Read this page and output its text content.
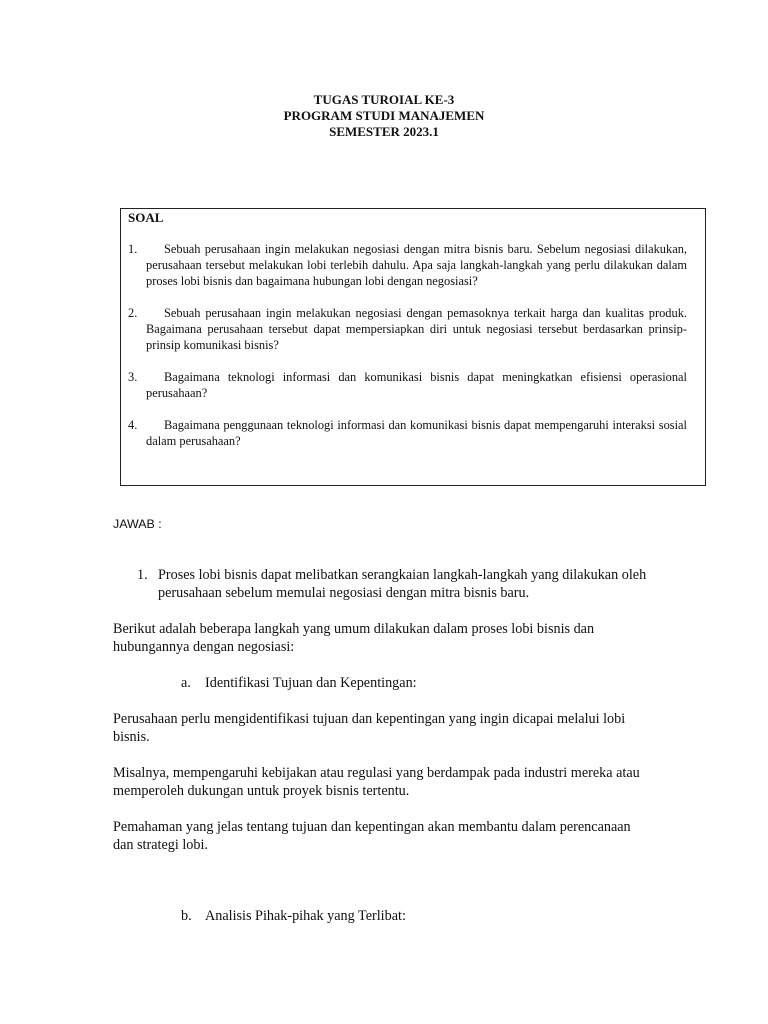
TUGAS TUROIAL KE-3
PROGRAM STUDI MANAJEMEN
SEMESTER 2023.1
SOAL
1.	Sebuah perusahaan ingin melakukan negosiasi dengan mitra bisnis baru. Sebelum negosiasi dilakukan, perusahaan tersebut melakukan lobi terlebih dahulu. Apa saja langkah-langkah yang perlu dilakukan dalam proses lobi bisnis dan bagaimana hubungan lobi dengan negosiasi?
2.	Sebuah perusahaan ingin melakukan negosiasi dengan pemasoknya terkait harga dan kualitas produk. Bagaimana perusahaan tersebut dapat mempersiapkan diri untuk negosiasi tersebut berdasarkan prinsip-prinsip komunikasi bisnis?
3.	Bagaimana teknologi informasi dan komunikasi bisnis dapat meningkatkan efisiensi operasional perusahaan?
4.	Bagaimana penggunaan teknologi informasi dan komunikasi bisnis dapat mempengaruhi interaksi sosial dalam perusahaan?
JAWAB :
1. Proses lobi bisnis dapat melibatkan serangkaian langkah-langkah yang dilakukan oleh perusahaan sebelum memulai negosiasi dengan mitra bisnis baru.
Berikut adalah beberapa langkah yang umum dilakukan dalam proses lobi bisnis dan hubungannya dengan negosiasi:
a. Identifikasi Tujuan dan Kepentingan:
Perusahaan perlu mengidentifikasi tujuan dan kepentingan yang ingin dicapai melalui lobi bisnis.
Misalnya, mempengaruhi kebijakan atau regulasi yang berdampak pada industri mereka atau memperoleh dukungan untuk proyek bisnis tertentu.
Pemahaman yang jelas tentang tujuan dan kepentingan akan membantu dalam perencanaan dan strategi lobi.
b. Analisis Pihak-pihak yang Terlibat:
